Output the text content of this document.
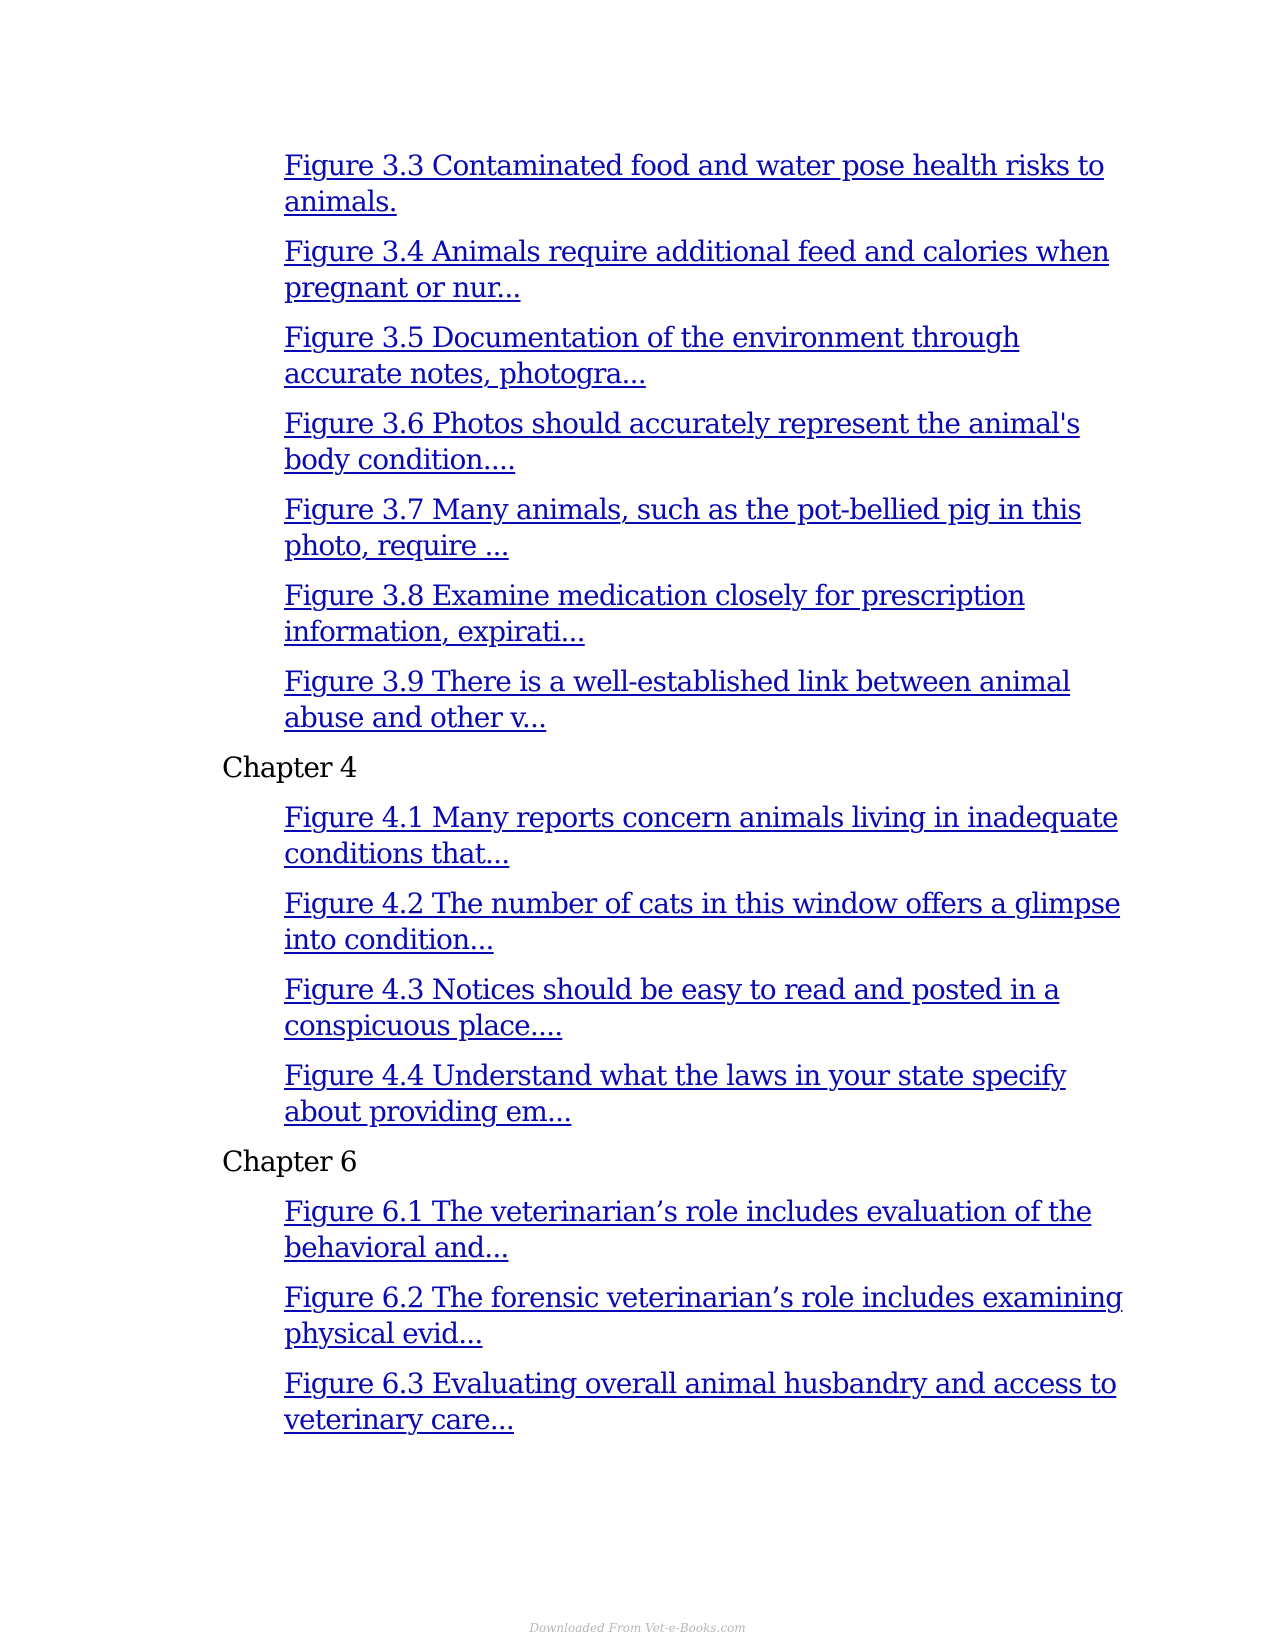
Figure 3.3 Contaminated food and water pose health risks to
animals.
Figure 3.4 Animals require additional feed and calories when
pregnant or nur...
Figure 3.5 Documentation of the environment through
accurate notes, photogra...
Figure 3.6 Photos should accurately represent the animal's
body condition....
Figure 3.7 Many animals, such as the pot-bellied pig in this
photo, require ...
Figure 3.8 Examine medication closely for prescription
information, expirati...
Figure 3.9 There is a well-established link between animal
abuse and other v...
Chapter 4
Figure 4.1 Many reports concern animals living in inadequate
conditions that...
Figure 4.2 The number of cats in this window offers a glimpse
into condition...
Figure 4.3 Notices should be easy to read and posted in a
conspicuous place....
Figure 4.4 Understand what the laws in your state specify
about providing em...
Chapter 6
Figure 6.1 The veterinarian’s role includes evaluation of the
behavioral and...
Figure 6.2 The forensic veterinarian’s role includes examining
physical evid...
Figure 6.3 Evaluating overall animal husbandry and access to
veterinary care...
Downloaded From Vet-e-Books.com
